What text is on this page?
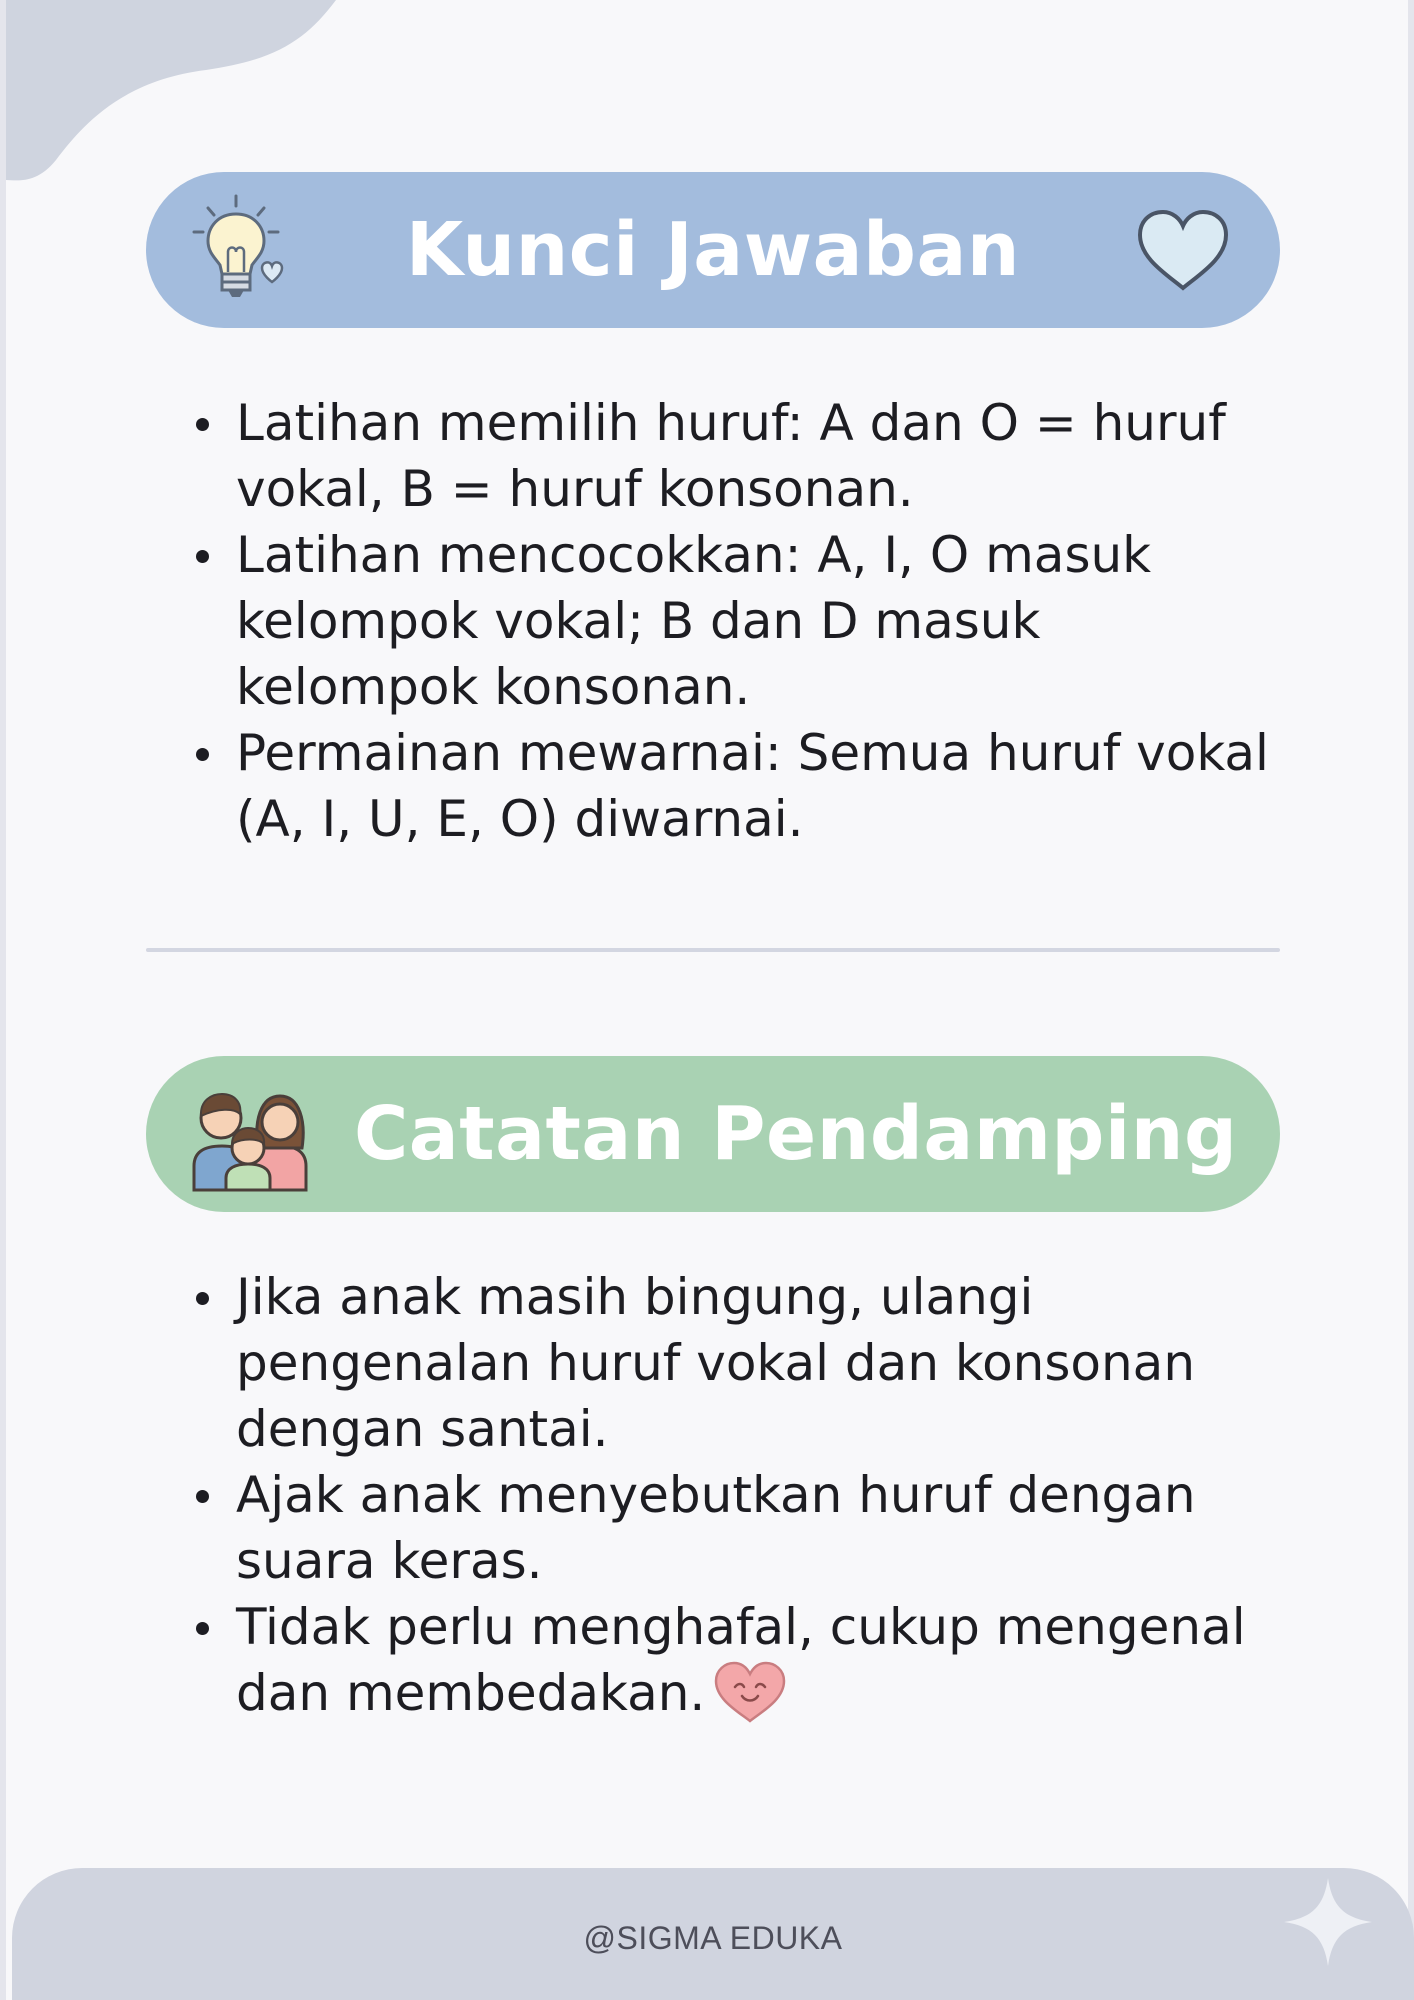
Kunci Jawaban
Latihan memilih huruf: A dan O = huruf vokal, B = huruf konsonan.
Latihan mencocokkan: A, I, O masuk kelompok vokal; B dan D masuk kelompok konsonan.
Permainan mewarnai: Semua huruf vokal (A, I, U, E, O) diwarnai.
Catatan Pendamping
Jika anak masih bingung, ulangi pengenalan huruf vokal dan konsonan dengan santai.
Ajak anak menyebutkan huruf dengan suara keras.
Tidak perlu menghafal, cukup mengenal dan membedakan.
@SIGMA EDUKA
